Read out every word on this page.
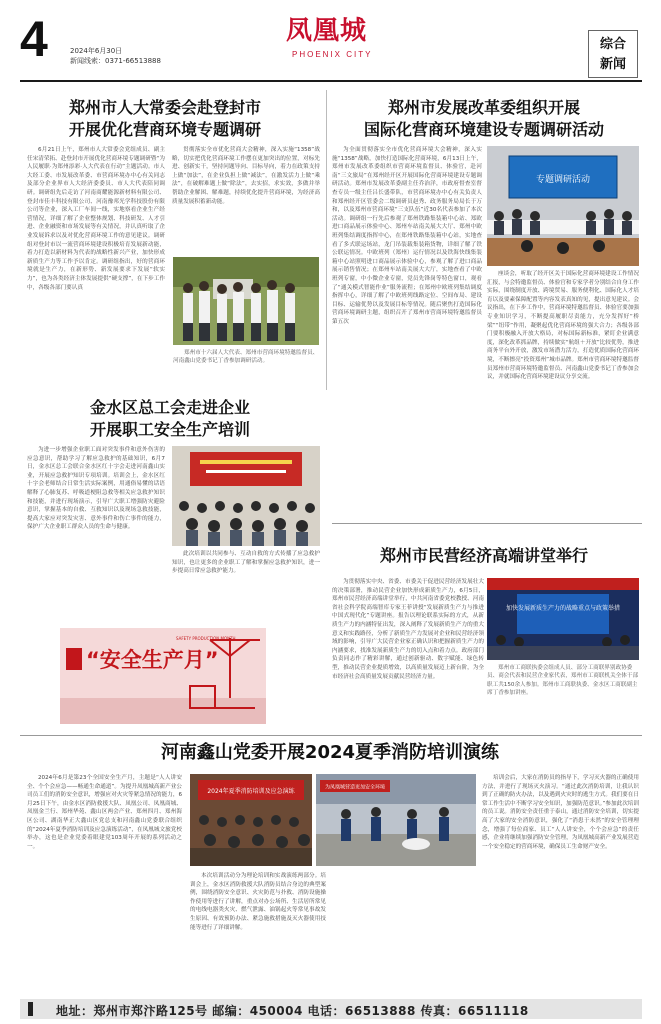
4	2024年6月30日
新闻线索：0371-66513888
凤凰城
PHOENIX CITY
综合
新闻
郑州市人大常委会赴登封市
开展优化营商环境专题调研
6月21日上午，郑州市人大常委会党组成员、副主任宋清荣拓、赴登封市开展优化营商环境专题调研暨“为人民履职·为郑州添彩·人大代表在行动”主题活动。市人大经工委、市发展改革委、市营商环境办中心有关同志及部分企业界市人大经济委委员、市人大代表陪同调研。调研组先后走访了河南商耀能源新材料有限公司、登封市佳丰科技有限公司、河南豫邦光学科技股份有限公司等企业，深入工厂车间一线，实地察看企业生产经营情况，详细了解了企业整体规划、科技研发、人才引进、企业融资和市场发展等有关情况，并认真听取了企业发展诉求以及对优化营商环境工作的意见建议。调研组对登封市以一流营商环境建设积极培育发展新动能，着力打造以新材料为代表的战略性新兴产业，加快形成新质生产力等工作予以肯定。调研组指出，好的营商环境就是生产力，在新形势、新发展要求下发展“软实力”，也为各类经济主体发展提供“硬支撑”，在下步工作中，各级各部门要认真
贯彻落实全市优化营商大会精神，深入实施“1358”战略，切实把优化营商环境工作摆在更加突出的位置，对标先进、创新实干，坚持问题导向、目标导向，着力在政策支持上做“加法”，在企业负担上做“减法”，在激发活力上做“乘法”，在破解难题上做“除法”，去实招，求实效，多做并举帮助企业解困、解难题，持续优化提升营商环境，为经济高质量发展积蓄新动能。
郑州市十六届人大代表、郑州市营商环境特邀监督员、河南鑫山党委书记丁香参加调研活动。
郑州市发展改革委组织开展
国际化营商环境建设专题调研活动
为全面贯彻落实全市优化营商环境大会精神，深入实施“1358”战略，加快打造国际化营商环境，6月13日上午，郑州市发展改革委组织市营商环境监督员、体验官，赴河南“三文旅局”在郑州经开区开展国际化营商环境建设专题调研活动。郑州市发展改革委副主任乔治洋，市政府督查室督查专员一级主任吕长盛带队，市营商环境办中心有关负责人和郑州经开区管委会二级调研员赵秀、政务服务局局长于万和，以及郑州市营商环境“三支队伍”近30名代表参加了本次活动。调研组一行先后参观了郑州铁路集装箱中心站、郑欧进口商品展示体验中心、郑州车站南关展大大厅、郑州中欧班列集结调度指挥中心，在郑州铁路集装箱中心站，实地查看了多式联运场站，龙门吊装载集装箱货物，详细了解了铁公联运情况。中欧班列（郑州）运行情况以及铁海快线集装箱中心站照明进口商品展示体验中心，参观了解了进口商品展示销售情况；在郑州车站南关展大大厅，实地查看了中欧班列专窗，中小微企业专窗，党员先锋岗等特色窗口，观看了“通关模式智能作业”服务流程；在郑州中欧班列集结调度指挥中心，详细了解了中欧班列线路定位、空间布局、建设目标、运输优势以及发展目标等情况。随后聚焦打造国际化营商环境调研主题，组织召开了郑州市营商环境特邀监督员第五次
专题调研活动
座谈会，听取了经开区关于国际化营商环境建设工作情况汇报，与会特邀监督员、体验官和专家学者分别结合自身工作实际，围绕制度开放、跨境贸易、服务便利化、国际化人才培育以及要素保障配置等内容发表真知的见，提出意见建议。会议指出，在下步工作中，营商环境特邀监督员、体验官要加强专业知识学习，不断提高履职尽责能力，充分发挥好“桥梁”“纽带”作用，凝聚起优化营商环境的强大合力；各级各部门要积极融入开放大格局，对标国际新标准，紧盯企业满意度，深化改革抓品牌，持续做实“航组＋开放”比较优势，推进商务平台外开放，激发市场潜力活力，打造优质国际化营商环境，不断擦亮“投资郑州”城市品牌。郑州市营商环境特邀监督员郑州市营商环境特邀监督员、河南鑫山党委书记丁香参加会议，并就国际化营商环境建设议分享交流。
金水区总工会走进企业
开展职工安全生产培训
为进一步增强企业职工面对突发事件和意外伤害的应急意识，帮助学习了解应急救护的基础知识，6月7日，金水区总工会联合金水区红十字会走进河南鑫山实业，开展应急救护知识专项培训。培训会上，金水区红十字会老师结合日常生活实际案例，用通俗易懂的话语解释了心肺复苏、呼吸道梗阻急救等相关应急救护知识和技能，并进行现场演示，引导广大职工增强防灾避险意识，掌握基本的自救、互救知识以及现场急救技能，提高大家应对突发灾害、意外事件和伤亡事件的能力，保护广大企业职工群众人员的生命与健康。
此次培训以共同参与、互动自救的方式传播了应急救护知识，也让更多的企业职工了解和掌握应急救护知识，进一步提高日常应急救护能力。
“安全生产月”
SAFETY PRODUCTION MONTH
郑州市民营经济高端讲堂举行
为贯彻落实中央、省委、市委关于促进民营经济发展壮大的决策部署，推动民营企业加快形成新质生产力，6月5日，郑州市民营经济高端讲堂举行，中共河南省委党校教授、河南省社会科学院高端智库专家王菲讲授“发展新质生产力与推进中国式现代化”专题讲座。报告以理论联系实际的方式，从新质生产力的内涵特征出发，深入阐释了发展新质生产力的重大意义和实践路径，分析了新质生产力发展对企业和民营经济领域的影响，引导广大民营企业家正确认识和把握新质生产力的内涵要求，找准发展新质生产力的切入点和着力点。政府部门负责同志作了精彩讲解，通过创新驱动、数字赋能、绿色转型，推动民营企业提质增效，以高质量发展迈上新台阶，为全市经济社会高质量发展贡献民营经济力量。
加快发展新质生产力的战略重点与政策举措
郑州市工商联执委会组成人员、部分工商联界别政协委员、商会代表和民营企业家代表，郑州市工商联机关全体干部职工共150余人参加。郑州市工商联执委、金水区工商联副主席丁香参加讲座。
河南鑫山党委开展2024夏季消防培训演练
2024年6月是第23个全国安全生产月，主题是“人人讲安全、个个会应急——畅通生命通道”。为提升凤凰城高新产业公司员工们的消防安全意识，增强应对火灾等紧急情况的能力，6月25日下午，由金水区消防救援大队、凤凰公司、凤凰商城、凤凰金兰行、郑州华苑、鑫山区两会产业、郑州四月、郑州海区公司、湖南华正大鑫山区党总支和河南鑫山党委联合组织的“2024年夏季消防培训及应急演练活动”，在凤凰城文旅党校举办，这也是企业党委着眼建党103周年开展的系列活动之一。
2024年夏季消防培训及应急演练
为凤凰城营造更加安全环境
本次培训活动分为理论培训和实战演练两部分。培训会上，金水区消防救援大队消防员结合身边的典型案例，围绕消防安全意识、火灾防范与扑救、消防设施操作使用等进行了讲解，重点对办公场所、生活居所常见的电线电器类火灾、燃气泄露、油锅起火等常见事故发生原因、有效预防办法、紧急施救措施及灭火器使用技能等进行了详细讲解。
培训会后，大家在消防员的指导下，学习灭火器的正确使用方法，并进行了现场灭火演习。“通过此次消防培训，让我认识到了正确的防火办法，以及遇到火灾时的逃生方式。我们要在日常工作生活中不断学习安全知识，加强防范意识。”参加此次培训的员工说。消防安全责任重于泰山，通过消防安全培训，切实提高了大家的安全消防意识，强化了“消患于未然”的安全管理理念，增强了每位商家、员工“人人讲安全，个个会应急”的责任感，企业将继续加强消防安全管理，为凤凰城高新产业发展营造一个安全稳定的营商环境，确保员工生命财产安全。
地址：郑州市郑汴路125号 邮编：450004 电话：66513888 传真：66511118
